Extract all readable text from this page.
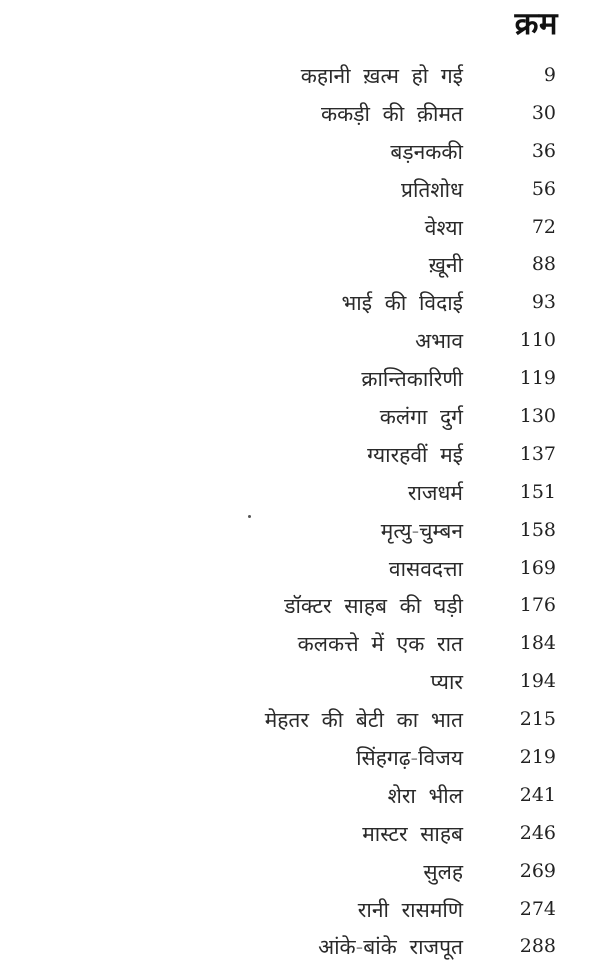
क्रम
कहानी ख़त्म हो गई	9
ककड़ी की क़ीमत	30
बड़नककी	36
प्रतिशोध	56
वेश्या	72
ख़ूनी	88
भाई की विदाई	93
अभाव	110
क्रान्तिकारिणी	119
कलंगा दुर्ग	130
ग्यारहवीं मई	137
राजधर्म	151
मृत्यु-चुम्बन	158
वासवदत्ता	169
डॉक्टर साहब की घड़ी	176
कलकत्ते में एक रात	184
प्यार	194
मेहतर की बेटी का भात	215
सिंहगढ़-विजय	219
शेरा भील	241
मास्टर साहब	246
सुलह	269
रानी रासमणि	274
आंके-बांके राजपूत	288
